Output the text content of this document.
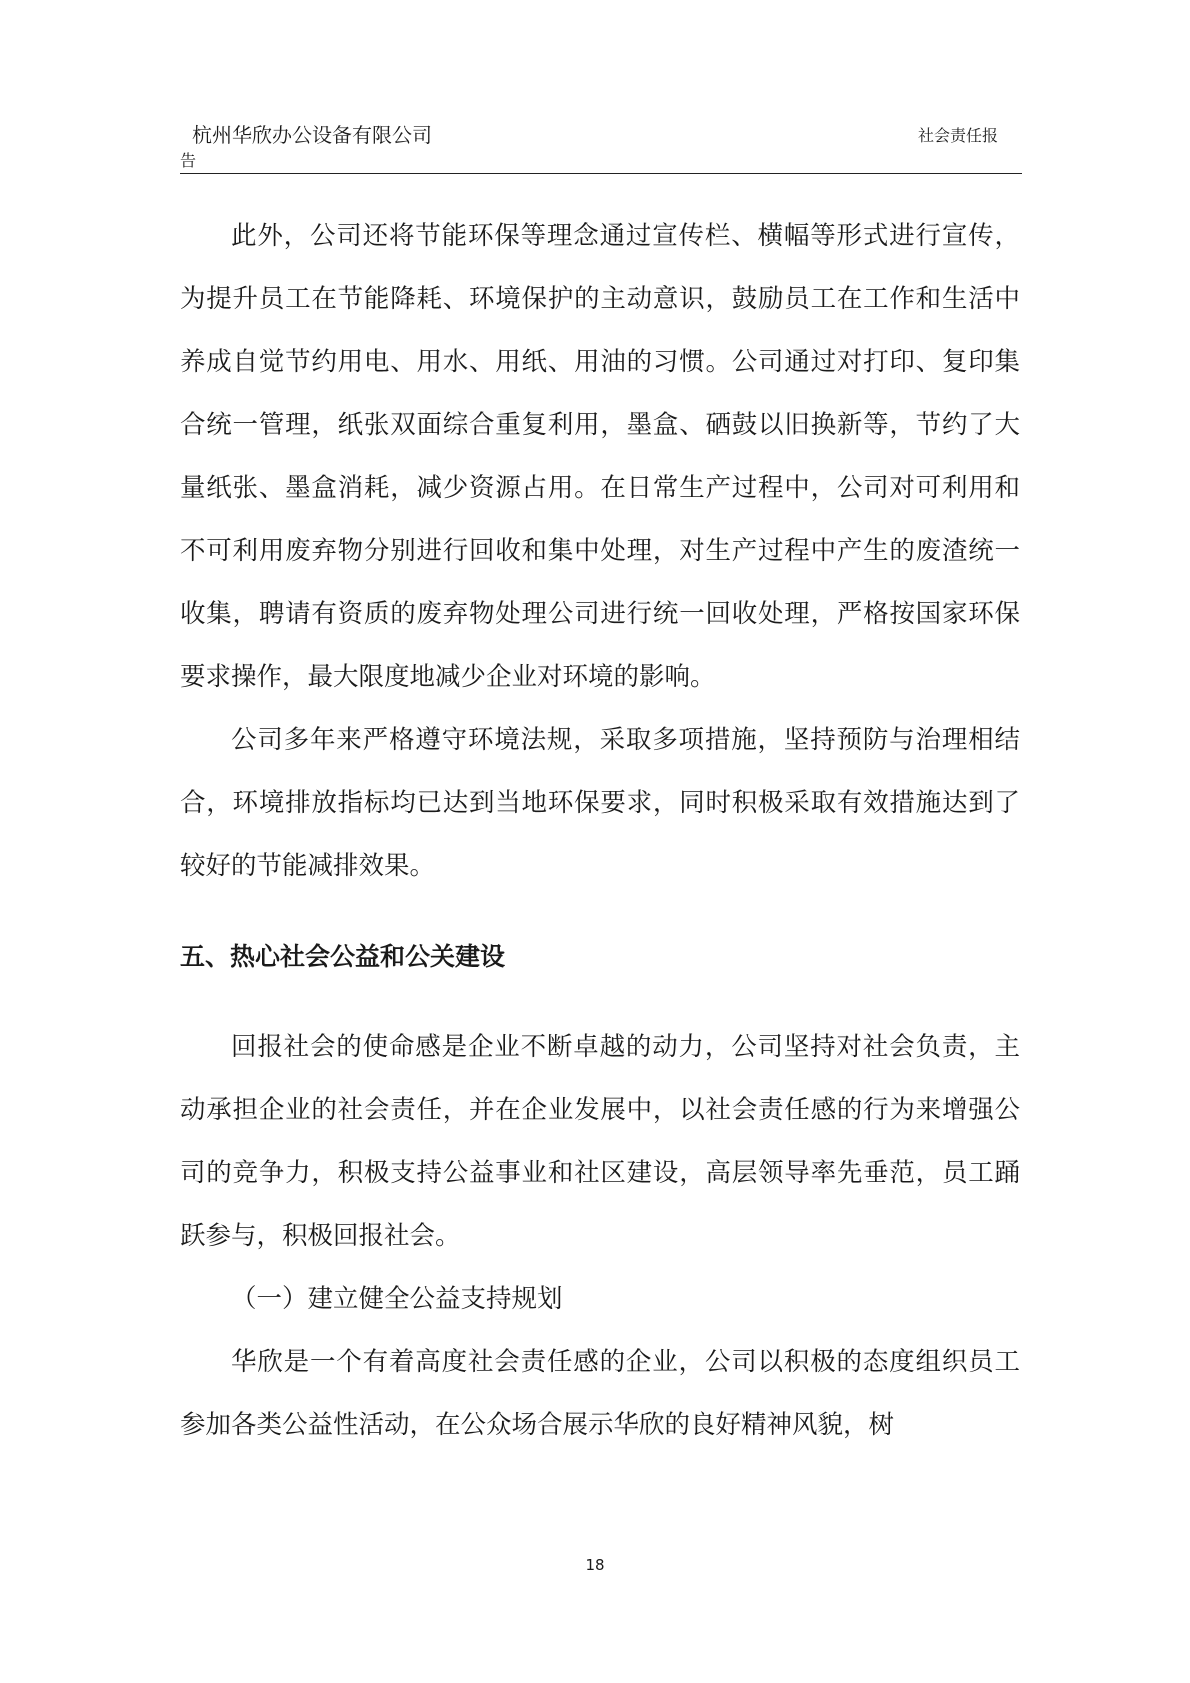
杭州华欣办公设备有限公司	社会责任报
告

此外，公司还将节能环保等理念通过宣传栏、横幅等形式进行宣传，为提升员工在节能降耗、环境保护的主动意识，鼓励员工在工作和生活中养成自觉节约用电、用水、用纸、用油的习惯。公司通过对打印、复印集合统一管理，纸张双面综合重复利用，墨盒、硒鼓以旧换新等，节约了大量纸张、墨盒消耗，减少资源占用。在日常生产过程中，公司对可利用和不可利用废弃物分别进行回收和集中处理，对生产过程中产生的废渣统一收集，聘请有资质的废弃物处理公司进行统一回收处理，严格按国家环保要求操作，最大限度地减少企业对环境的影响。

公司多年来严格遵守环境法规，采取多项措施，坚持预防与治理相结合，环境排放指标均已达到当地环保要求，同时积极采取有效措施达到了较好的节能减排效果。

五、热心社会公益和公关建设

回报社会的使命感是企业不断卓越的动力，公司坚持对社会负责，主动承担企业的社会责任，并在企业发展中，以社会责任感的行为来增强公司的竞争力，积极支持公益事业和社区建设，高层领导率先垂范，员工踊跃参与，积极回报社会。

（一）建立健全公益支持规划

华欣是一个有着高度社会责任感的企业，公司以积极的态度组织员工参加各类公益性活动，在公众场合展示华欣的良好精神风貌，树

18
